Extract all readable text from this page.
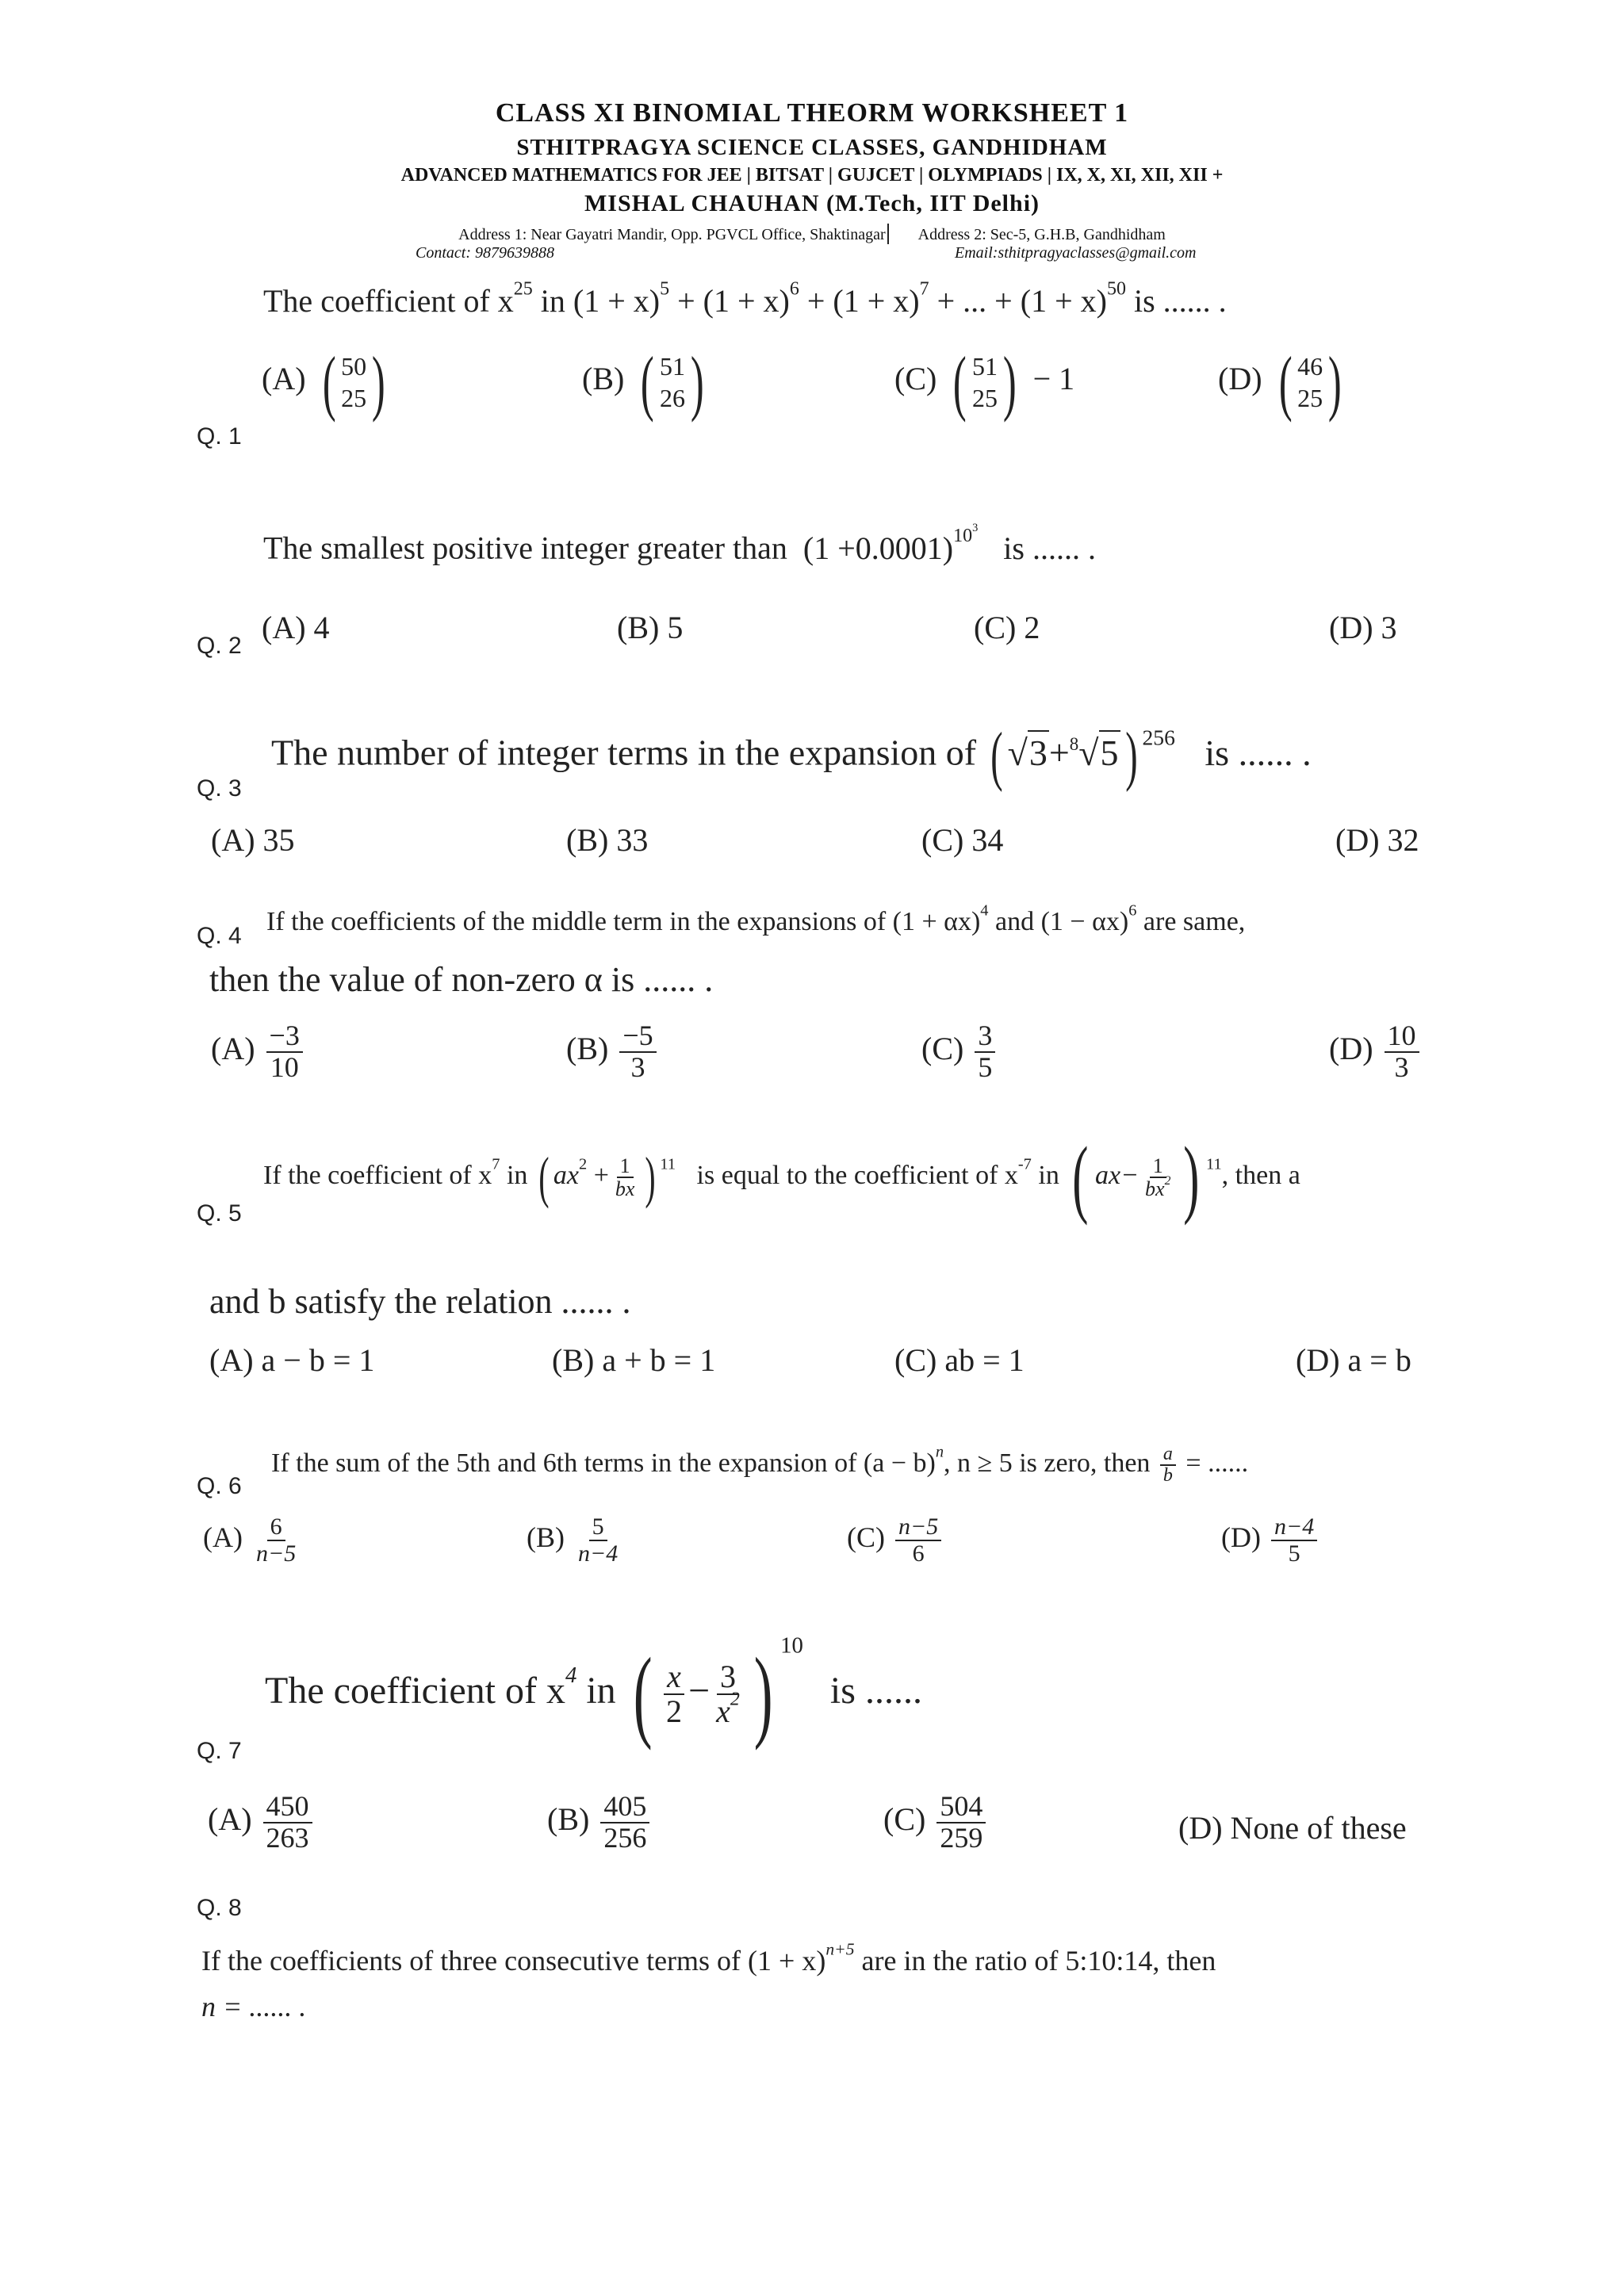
CLASS XI BINOMIAL THEORM WORKSHEET 1
STHITPRAGYA SCIENCE CLASSES, GANDHIDHAM
ADVANCED MATHEMATICS FOR JEE | BITSAT | GUJCET | OLYMPIADS | IX, X, XI, XII, XII +
MISHAL CHAUHAN (M.Tech, IIT Delhi)
Address 1: Near Gayatri Mandir, Opp. PGVCL Office, Shaktinagar Address 2: Sec-5, G.H.B, Gandhidham
Contact: 9879639888	Email:sthitpragyaclasses@gmail.com
The coefficient of $x^{25}$ in $(1 + x)^5 + (1 + x)^6 + (1 + x)^7$ + ... + $(1 + x)^{50}$ is ...... .
(A) ( 50
25 )	(B) ( 51
26 )	(C) ( 51
25 ) − 1	(D) ( 46
25 )
Q. 1
The smallest positive integer greater than $(1 +0.0001)^{10^3}$ is ...... .
Q. 2
(A) 4	(B) 5	(C) 2	(D) 3
The number of integer terms in the expansion of ( √3+$^8$√5) $^{256}$ is ...... .
Q. 3
(A) 35	(B) 33	(C) 34	(D) 32
Q. 4 If the coefficients of the middle term in the expansions of $(1 + \alpha x)^4$ and $(1 - \alpha x)^6$ are same,
then the value of non-zero α is ...... .
$(A) \frac{-3}{10}$	$(B) \frac{-5}{3}$	$(C) \frac{3}{5}$	$(D) \frac{10}{3}$
If the coefficient of $x^7$ in ( $ax^2 + \frac{1}{bx}$ ) $^{11}$ is equal to the coefficient of $x^{-7}$ in ( $ax- \frac{1}{bx^2}$ ) $^{11}$, then a
Q. 5
and b satisfy the relation ...... .
(A) a − b = 1	(B) a + b = 1	(C) ab = 1	(D) a = b
If the sum of the 5th and 6th terms in the expansion of $(a - b)^n$, n ≥ 5 is zero, then $\frac{a}{b}$ = ......
Q. 6
$(A) \frac{6}{n-5}$	$(B) \frac{5}{n-4}$	$(C) \frac{n-5}{6}$	$(D) \frac{n-4}{5}$
The coefficient of $x^4$ in ( $\frac{x}{2} - \frac{3}{x^2}$ ) $^{10}$ is ......
Q. 7
$(A) \frac{450}{263}$	$(B) \frac{405}{256}$	$(C) \frac{504}{259}$	(D) None of these
Q. 8
If the coefficients of three consecutive terms of $(1 + x)^{n+5}$ are in the ratio of 5:10:14, then
n = ...... .
